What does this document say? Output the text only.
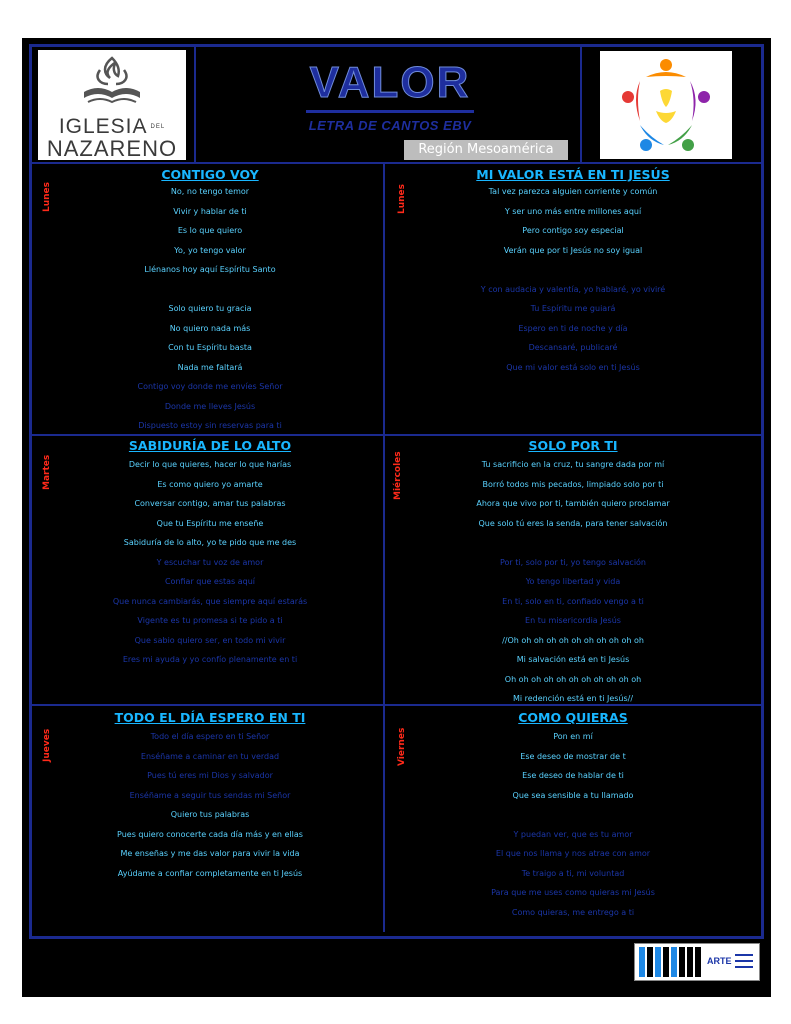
IGLESIA DEL
NAZARENO
VALOR
LETRA DE CANTOS EBV
Región Mesoamérica
Lunes
CONTIGO VOY
No, no tengo temor
Vivir y hablar de ti
Es lo que quiero
Yo, yo tengo valor
Llénanos hoy aquí Espíritu Santo
Solo quiero tu gracia
No quiero nada más
Con tu Espíritu basta
Nada me faltará
Contigo voy donde me envíes Señor
Donde me lleves Jesús
Dispuesto estoy sin reservas para ti
Lunes
MI VALOR ESTÁ EN TI JESÚS
Tal vez parezca alguien corriente y común
Y ser uno más entre millones aquí
Pero contigo soy especial
Verán que por ti Jesús no soy igual
Y con audacia y valentía, yo hablaré, yo viviré
Tu Espíritu me guiará
Espero en ti de noche y día
Descansaré, publicaré
Que mi valor está solo en ti Jesús
Martes
SABIDURÍA DE LO ALTO
Decir lo que quieres, hacer lo que harías
Es como quiero yo amarte
Conversar contigo, amar tus palabras
Que tu Espíritu me enseñe
Sabiduría de lo alto, yo te pido que me des
Y escuchar tu voz de amor
Confiar que estas aquí
Que nunca cambiarás, que siempre aquí estarás
Vigente es tu promesa si te pido a ti
Que sabio quiero ser, en todo mi vivir
Eres mi ayuda y yo confío plenamente en ti
Miércoles
SOLO POR TI
Tu sacrificio en la cruz, tu sangre dada por mí
Borró todos mis pecados, limpiado solo por ti
Ahora que vivo por ti, también quiero proclamar
Que solo tú eres la senda, para tener salvación
Por ti, solo por ti, yo tengo salvación
Yo tengo libertad y vida
En ti, solo en ti, confiado vengo a ti
En tu misericordia Jesús
//Oh oh oh oh oh oh oh oh oh oh oh
Mi salvación está en ti Jesús
Oh oh oh oh oh oh oh oh oh oh oh
Mi redención está en ti Jesús//
Jueves
TODO EL DÍA ESPERO EN TI
Todo el día espero en ti Señor
Enséñame a caminar en tu verdad
Pues tú eres mi Dios y salvador
Enséñame a seguir tus sendas mi Señor
Quiero tus palabras
Pues quiero conocerte cada día más y en ellas
Me enseñas y me das valor para vivir la vida
Ayúdame a confiar completamente en ti Jesús
Viernes
COMO QUIERAS
Pon en mí
Ese deseo de mostrar de t
Ese deseo de hablar de ti
Que sea sensible a tu llamado
Y puedan ver, que es tu amor
El que nos llama y nos atrae con amor
Te traigo a ti, mi voluntad
Para que me uses como quieras mi Jesús
Como quieras, me entrego a ti
ARTE
